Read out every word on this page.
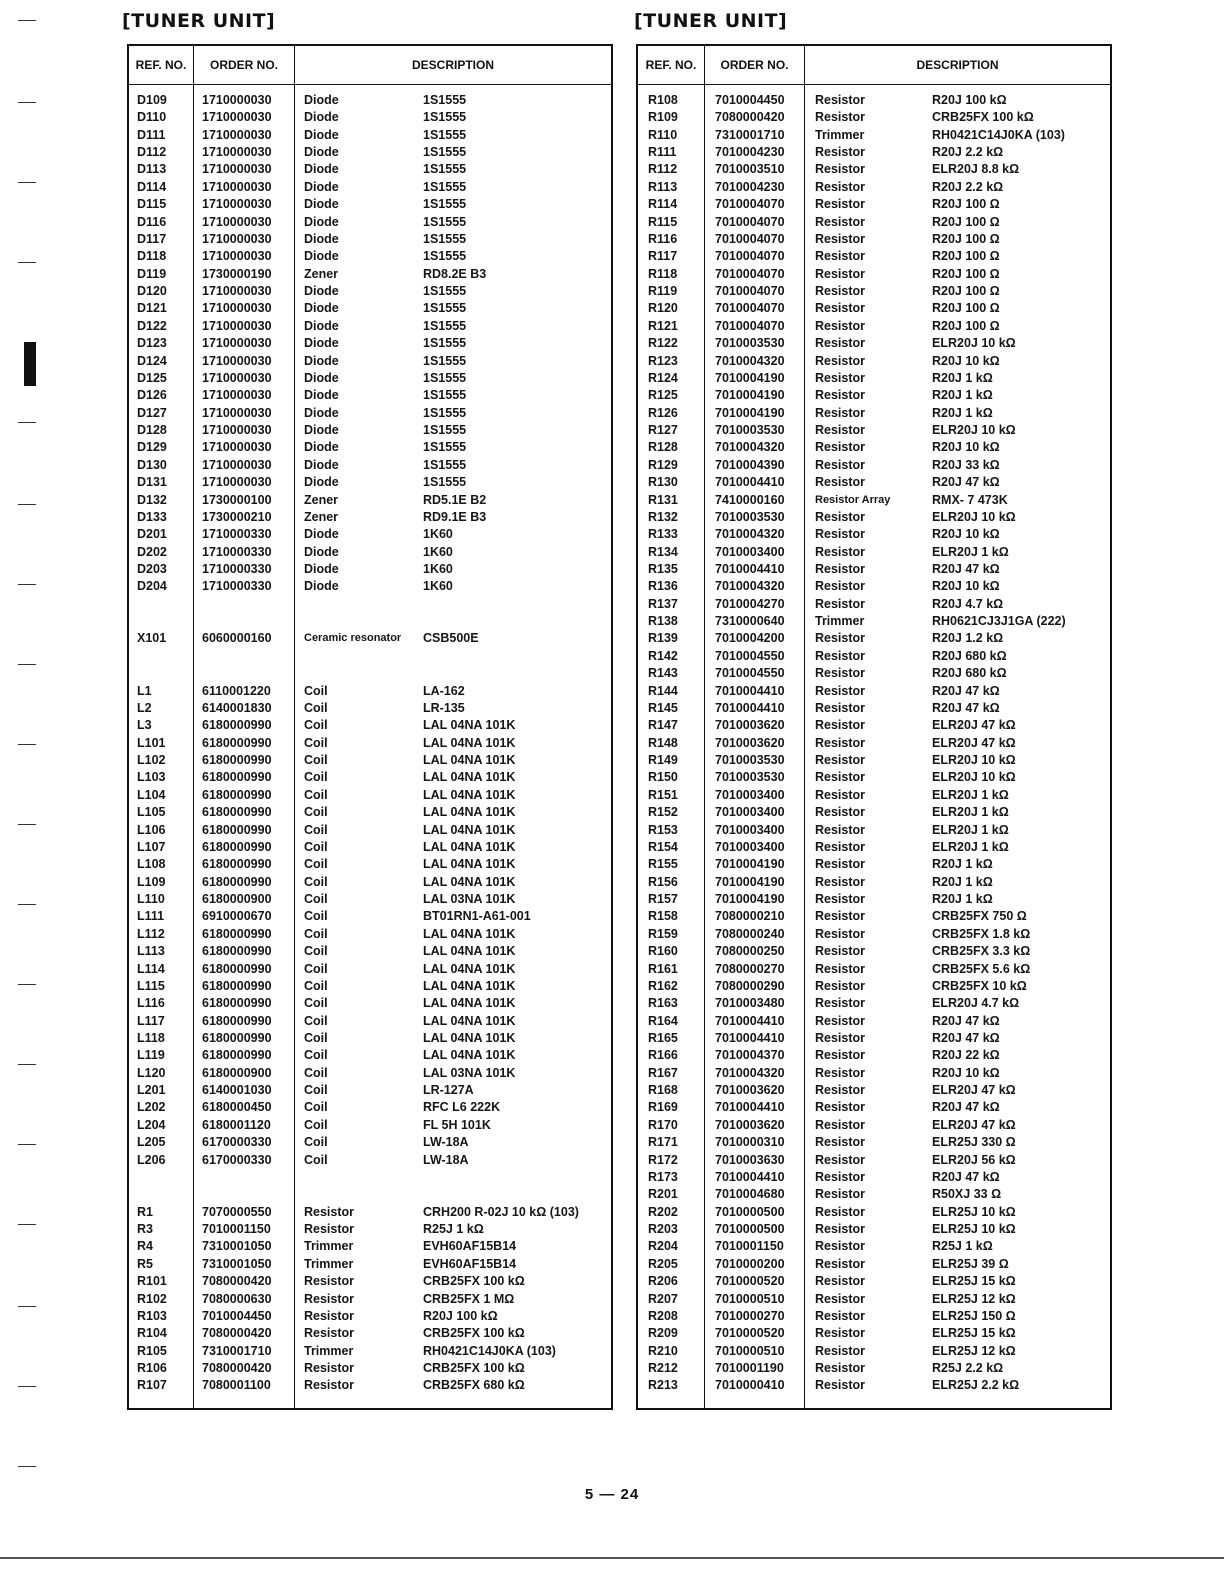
[TUNER UNIT]
REF. NO.	ORDER NO.	DESCRIPTION
D109	1710000030	Diode	1S1555
D110	1710000030	Diode	1S1555
D111	1710000030	Diode	1S1555
D112	1710000030	Diode	1S1555
D113	1710000030	Diode	1S1555
D114	1710000030	Diode	1S1555
D115	1710000030	Diode	1S1555
D116	1710000030	Diode	1S1555
D117	1710000030	Diode	1S1555
D118	1710000030	Diode	1S1555
D119	1730000190	Zener	RD8.2E B3
D120	1710000030	Diode	1S1555
D121	1710000030	Diode	1S1555
D122	1710000030	Diode	1S1555
D123	1710000030	Diode	1S1555
D124	1710000030	Diode	1S1555
D125	1710000030	Diode	1S1555
D126	1710000030	Diode	1S1555
D127	1710000030	Diode	1S1555
D128	1710000030	Diode	1S1555
D129	1710000030	Diode	1S1555
D130	1710000030	Diode	1S1555
D131	1710000030	Diode	1S1555
D132	1730000100	Zener	RD5.1E B2
D133	1730000210	Zener	RD9.1E B3
D201	1710000330	Diode	1K60
D202	1710000330	Diode	1K60
D203	1710000330	Diode	1K60
D204	1710000330	Diode	1K60
X101	6060000160	Ceramic resonator CSB500E
L1	6110001220	Coil	LA-162
L2	6140001830	Coil	LR-135
L3	6180000990	Coil	LAL 04NA 101K
L101	6180000990	Coil	LAL 04NA 101K
L102	6180000990	Coil	LAL 04NA 101K
L103	6180000990	Coil	LAL 04NA 101K
L104	6180000990	Coil	LAL 04NA 101K
L105	6180000990	Coil	LAL 04NA 101K
L106	6180000990	Coil	LAL 04NA 101K
L107	6180000990	Coil	LAL 04NA 101K
L108	6180000990	Coil	LAL 04NA 101K
L109	6180000990	Coil	LAL 04NA 101K
L110	6180000900	Coil	LAL 03NA 101K
L111	6910000670	Coil	BT01RN1-A61-001
L112	6180000990	Coil	LAL 04NA 101K
L113	6180000990	Coil	LAL 04NA 101K
L114	6180000990	Coil	LAL 04NA 101K
L115	6180000990	Coil	LAL 04NA 101K
L116	6180000990	Coil	LAL 04NA 101K
L117	6180000990	Coil	LAL 04NA 101K
L118	6180000990	Coil	LAL 04NA 101K
L119	6180000990	Coil	LAL 04NA 101K
L120	6180000900	Coil	LAL 03NA 101K
L201	6140001030	Coil	LR-127A
L202	6180000450	Coil	RFC L6 222K
L204	6180001120	Coil	FL 5H 101K
L205	6170000330	Coil	LW-18A
L206	6170000330	Coil	LW-18A
R1	7070000550	Resistor	CRH200 R-02J 10 kΩ (103)
R3	7010001150	Resistor	R25J 1 kΩ
R4	7310001050	Trimmer	EVH60AF15B14
R5	7310001050	Trimmer	EVH60AF15B14
R101	7080000420	Resistor	CRB25FX 100 kΩ
R102	7080000630	Resistor	CRB25FX 1 MΩ
R103	7010004450	Resistor	R20J 100 kΩ
R104	7080000420	Resistor	CRB25FX 100 kΩ
R105	7310001710	Trimmer	RH0421C14J0KA (103)
R106	7080000420	Resistor	CRB25FX 100 kΩ
R107	7080001100	Resistor	CRB25FX 680 kΩ
[TUNER UNIT]
REF. NO.	ORDER NO.	DESCRIPTION
R108	7010004450 Resistor	R20J 100 kΩ
R109	7080000420 Resistor	CRB25FX 100 kΩ
R110	7310001710 Trimmer	RH0421C14J0KA (103)
R111	7010004230 Resistor	R20J 2.2 kΩ
R112	7010003510 Resistor	ELR20J 8.8 kΩ
R113	7010004230 Resistor	R20J 2.2 kΩ
R114	7010004070 Resistor	R20J 100 Ω
R115	7010004070 Resistor	R20J 100 Ω
R116	7010004070 Resistor	R20J 100 Ω
R117	7010004070 Resistor	R20J 100 Ω
R118	7010004070 Resistor	R20J 100 Ω
R119	7010004070 Resistor	R20J 100 Ω
R120	7010004070 Resistor	R20J 100 Ω
R121	7010004070 Resistor	R20J 100 Ω
R122	7010003530 Resistor	ELR20J 10 kΩ
R123	7010004320 Resistor	R20J 10 kΩ
R124	7010004190 Resistor	R20J 1 kΩ
R125	7010004190 Resistor	R20J 1 kΩ
R126	7010004190 Resistor	R20J 1 kΩ
R127	7010003530 Resistor	ELR20J 10 kΩ
R128	7010004320 Resistor	R20J 10 kΩ
R129	7010004390 Resistor	R20J 33 kΩ
R130	7010004410 Resistor	R20J 47 kΩ
R131	7410000160	Resistor Array	RMX- 7 473K
R132	7010003530 Resistor	ELR20J 10 kΩ
R133	7010004320 Resistor	R20J 10 kΩ
R134	7010003400 Resistor	ELR20J 1 kΩ
R135	7010004410 Resistor	R20J 47 kΩ
R136	7010004320 Resistor	R20J 10 kΩ
R137	7010004270 Resistor	R20J 4.7 kΩ
R138	7310000640 Trimmer	RH0621CJ3J1GA (222)
R139	7010004200 Resistor	R20J 1.2 kΩ
R142	7010004550 Resistor	R20J 680 kΩ
R143	7010004550 Resistor	R20J 680 kΩ
R144	7010004410 Resistor	R20J 47 kΩ
R145	7010004410 Resistor	R20J 47 kΩ
R147	7010003620 Resistor	ELR20J 47 kΩ
R148	7010003620 Resistor	ELR20J 47 kΩ
R149	7010003530 Resistor	ELR20J 10 kΩ
R150	7010003530 Resistor	ELR20J 10 kΩ
R151	7010003400 Resistor	ELR20J 1 kΩ
R152	7010003400 Resistor	ELR20J 1 kΩ
R153	7010003400 Resistor	ELR20J 1 kΩ
R154	7010003400 Resistor	ELR20J 1 kΩ
R155	7010004190 Resistor	R20J 1 kΩ
R156	7010004190 Resistor	R20J 1 kΩ
R157	7010004190 Resistor	R20J 1 kΩ
R158	7080000210 Resistor	CRB25FX 750 Ω
R159	7080000240 Resistor	CRB25FX 1.8 kΩ
R160	7080000250 Resistor	CRB25FX 3.3 kΩ
R161	7080000270 Resistor	CRB25FX 5.6 kΩ
R162	7080000290 Resistor	CRB25FX 10 kΩ
R163	7010003480 Resistor	ELR20J 4.7 kΩ
R164	7010004410 Resistor	R20J 47 kΩ
R165	7010004410 Resistor	R20J 47 kΩ
R166	7010004370 Resistor	R20J 22 kΩ
R167	7010004320 Resistor	R20J 10 kΩ
R168	7010003620 Resistor	ELR20J 47 kΩ
R169	7010004410 Resistor	R20J 47 kΩ
R170	7010003620 Resistor	ELR20J 47 kΩ
R171	7010000310 Resistor	ELR25J 330 Ω
R172	7010003630 Resistor	ELR20J 56 kΩ
R173	7010004410 Resistor	R20J 47 kΩ
R201	7010004680 Resistor	R50XJ 33 Ω
R202	7010000500 Resistor	ELR25J 10 kΩ
R203	7010000500 Resistor	ELR25J 10 kΩ
R204	7010001150 Resistor	R25J 1 kΩ
R205	7010000200 Resistor	ELR25J 39 Ω
R206	7010000520 Resistor	ELR25J 15 kΩ
R207	7010000510 Resistor	ELR25J 12 kΩ
R208	7010000270 Resistor	ELR25J 150 Ω
R209	7010000520 Resistor	ELR25J 15 kΩ
R210	7010000510 Resistor	ELR25J 12 kΩ
R212	7010001190 Resistor	R25J 2.2 kΩ
R213	7010000410 Resistor	ELR25J 2.2 kΩ
5 — 24
